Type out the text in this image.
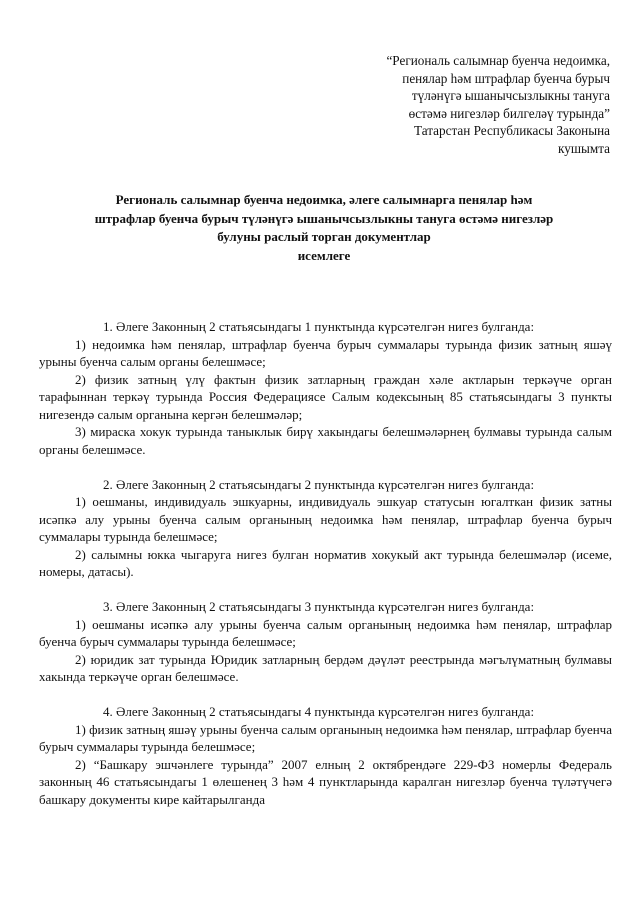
“Региональ салымнар буенча недоимка,
пенялар һәм штрафлар буенча бурыч
түләнүгә ышанычсызлыкны тануга
өстәмә нигезләр билгеләү турында”
Татарстан Республикасы Законына
кушымта
Региональ салымнар буенча недоимка, әлеге салымнарга пенялар һәм
штрафлар буенча бурыч түләнүгә ышанычсызлыкны тануга өстәмә нигезләр
булуны раслый торган документлар
исемлеге

1. Әлеге Законның 2 статьясындагы 1 пунктында күрсәтелгән нигез булганда:

1) недоимка һәм пенялар, штрафлар буенча бурыч суммалары турында физик затның яшәү урыны буенча салым органы белешмәсе;

2) физик затның үлү фактын физик затларның граждан хәле актларын теркәүче орган тарафыннан теркәү турында Россия Федерациясе Салым кодексының 85 статьясындагы 3 пункты нигезендә салым органына кергән белешмәләр;

3) мираска хокук турында таныклык бирү хакындагы белешмәләрнең булмавы турында салым органы белешмәсе.

2. Әлеге Законның 2 статьясындагы 2 пунктында күрсәтелгән нигез булганда:

1) оешманы, индивидуаль эшкуарны, индивидуаль эшкуар статусын югалткан физик затны исәпкә алу урыны буенча салым органының недоимка һәм пенялар, штрафлар буенча бурыч суммалары турында белешмәсе;

2) салымны юкка чыгаругa нигез булган норматив хокукый акт турында белешмәләр (исеме, номеры, датасы).

3. Әлеге Законның 2 статьясындагы 3 пунктында күрсәтелгән нигез булганда:

1) оешманы исәпкә алу урыны буенча салым органының недоимка һәм пенялар, штрафлар буенча бурыч суммалары турында белешмәсе;

2) юридик зат турында Юридик затларның бердәм дәүләт реестрында мәгълүматның булмавы хакында теркәүче орган белешмәсе.

4. Әлеге Законның 2 статьясындагы 4 пунктында күрсәтелгән нигез булганда:

1) физик затның яшәү урыны буенча салым органының недоимка һәм пенялар, штрафлар буенча бурыч суммалары турында белешмәсе;

2) “Башкару эшчәнлеге турында” 2007 елның 2 октябрендәге 229-ФЗ номерлы Федераль законның 46 статьясындагы 1 өлешенең 3 һәм 4 пунктларында каралган нигезләр буенча түләтүчегә башкару документы кире кайтарылганда
